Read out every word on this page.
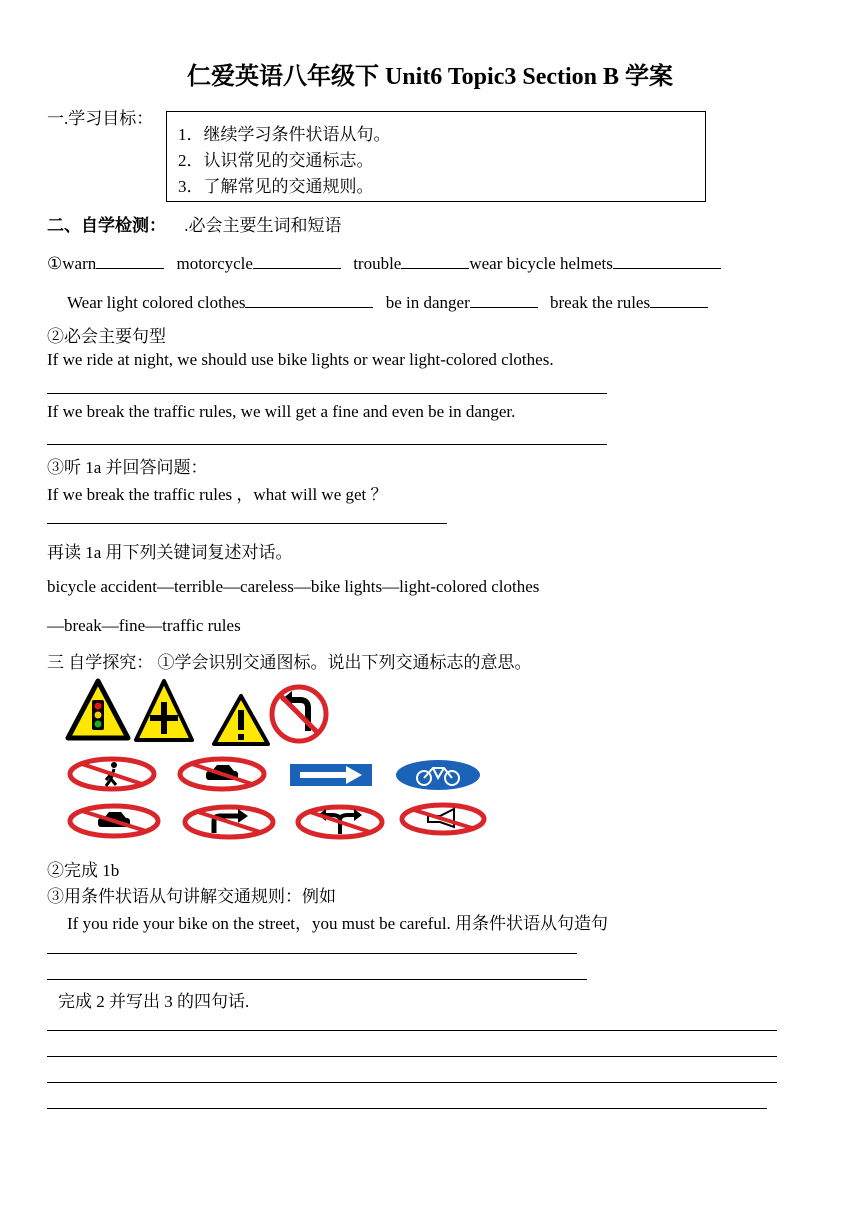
仁爱英语八年级下 Unit6 Topic3 Section B 学案
一.学习目标：
1．继续学习条件状语从句。
2．认识常见的交通标志。
3．了解常见的交通规则。
二、自学检测： .必会主要生词和短语
①warn	motorcycle	trouble	wear bicycle helmets
Wear light colored clothes	be in danger	break the rules
②必会主要句型
If we ride at night, we should use bike lights or wear light-colored clothes.
If we break the traffic rules, we will get a fine and even be in danger.
③听 1a 并回答问题：
If we break the traffic rules ，what will we get ？
再读 1a 用下列关键词复述对话。
bicycle accident—terrible—careless—bike lights—light-colored clothes
—break—fine—traffic rules
三 自学探究： ①学会识别交通图标。说出下列交通标志的意思。
②完成 1b
③用条件状语从句讲解交通规则：例如
If you ride your bike on the street，you must be careful. 用条件状语从句造句
完成 2 并写出 3 的四句话.
